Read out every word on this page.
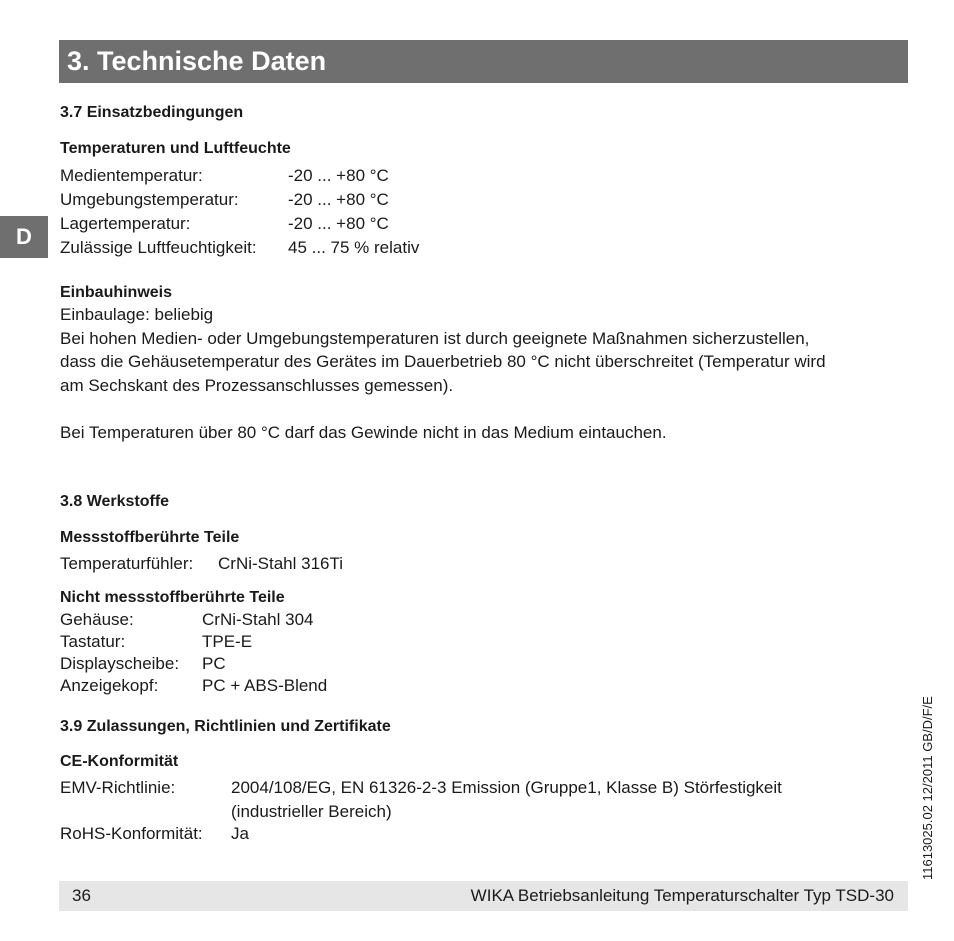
3. Technische Daten
D
3.7 Einsatzbedingungen
Temperaturen und Luftfeuchte
Medientemperatur:	-20 ... +80 °C
Umgebungstemperatur:	-20 ... +80 °C
Lagertemperatur:	-20 ... +80 °C
Zulässige Luftfeuchtigkeit: 45 ... 75 % relativ
Einbauhinweis
Einbaulage: beliebig
Bei hohen Medien- oder Umgebungstemperaturen ist durch geeignete Maßnahmen sicherzustellen,
dass die Gehäusetemperatur des Gerätes im Dauerbetrieb 80 °C nicht überschreitet (Temperatur wird
am Sechskant des Prozessanschlusses gemessen).
Bei Temperaturen über 80 °C darf das Gewinde nicht in das Medium eintauchen.
3.8 Werkstoffe
Messstoffberührte Teile
Temperaturfühler: CrNi-Stahl 316Ti
Nicht messstoffberührte Teile
Gehäuse:	CrNi-Stahl 304
Tastatur:	TPE-E
Displayscheibe: PC
Anzeigekopf:	PC + ABS-Blend
3.9 Zulassungen, Richtlinien und Zertifikate
CE-Konformität
EMV-Richtlinie:	2004/108/EG, EN 61326-2-3 Emission (Gruppe1, Klasse B) Störfestigkeit
(industrieller Bereich)
RoHS-Konformität: Ja
36	WIKA Betriebsanleitung Temperaturschalter Typ TSD-30
11613025.02 12/2011 GB/D/F/E
